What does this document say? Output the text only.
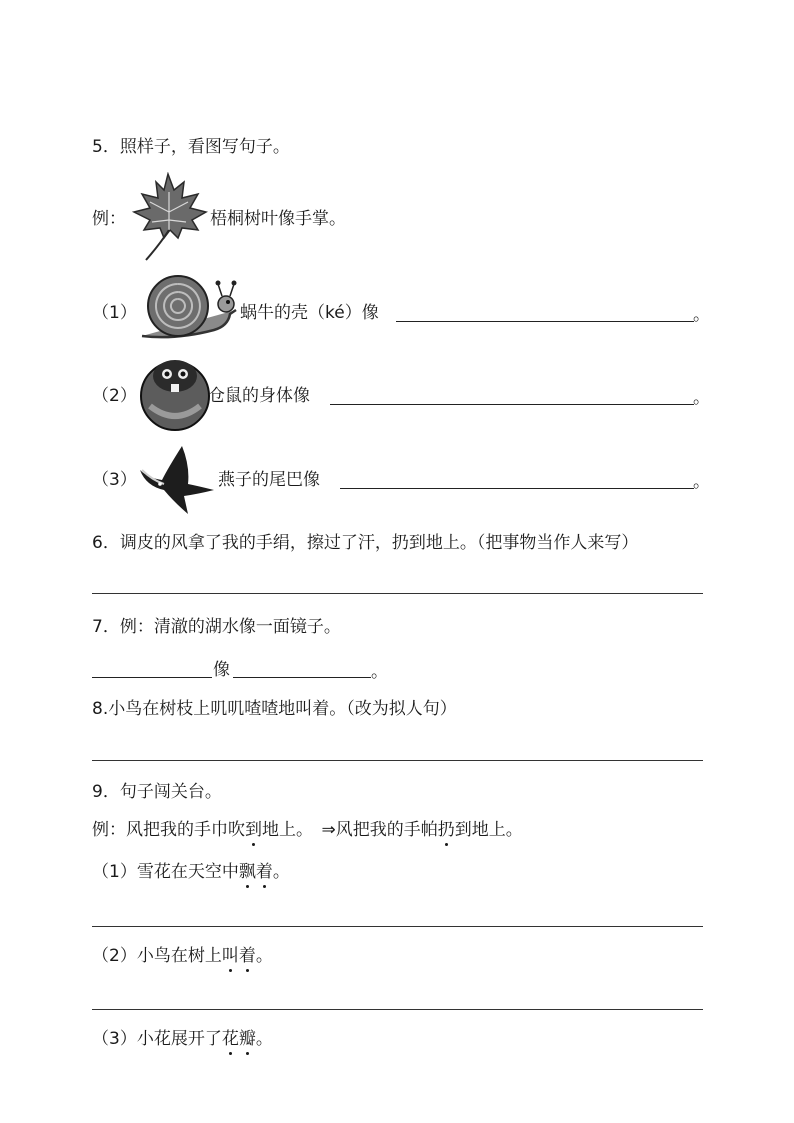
5．照样子，看图写句子。
例：	梧桐树叶像手掌。
（1）	蜗牛的壳（ké）像	。
（2）	仓鼠的身体像	。
（3）	燕子的尾巴像	。
6．调皮的风拿了我的手绢，擦过了汗，扔到地上。（把事物当作人来写）
7．例：清澈的湖水像一面镜子。
像	。
8.小鸟在树枝上叽叽喳喳地叫着。（改为拟人句）
9．句子闯关台。
例：风把我的手巾吹到地上。　⇒风把我的手帕扔到地上。
（1）雪花在天空中飘着。
（2）小鸟在树上叫着。
（3）小花展开了花瓣。
